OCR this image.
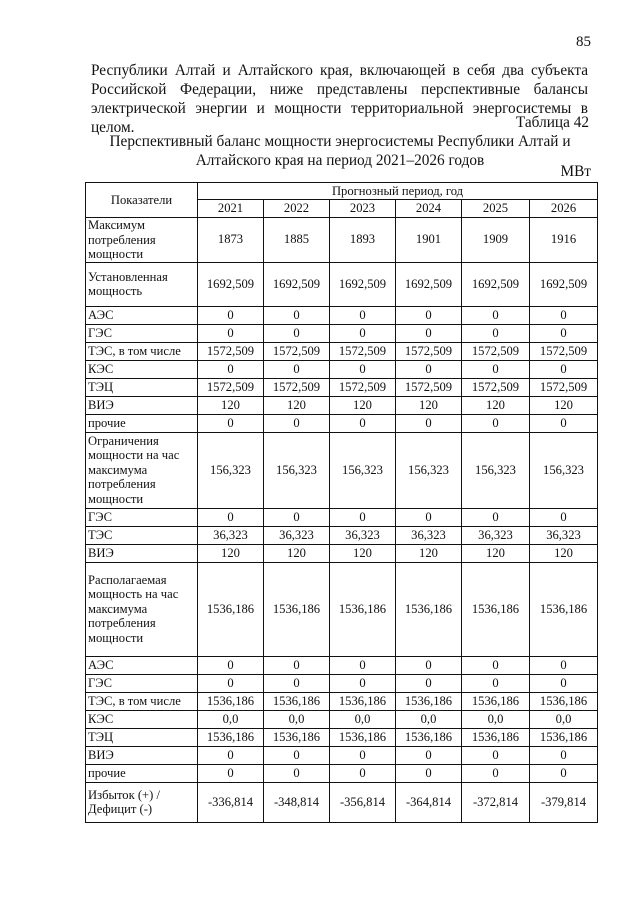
85
Республики Алтай и Алтайского края, включающей в себя два субъекта
Российской Федерации, ниже представлены перспективные балансы
электрической энергии и мощности территориальной энергосистемы в целом.	Таблица 42
Перспективный баланс мощности энергосистемы Республики Алтай и
Алтайского края на период 2021–2026 годов
МВт
Показатели	Прогнозный период, год					
	2021	2022	2023	2024	2025	2026
Максимум потребления мощности	1873	1885	1893	1901	1909	1916
Установленная мощность	1692,509	1692,509	1692,509	1692,509	1692,509	1692,509
АЭС	0	0	0	0	0	0
ГЭС	0	0	0	0	0	0
ТЭС, в том числе	1572,509	1572,509	1572,509	1572,509	1572,509	1572,509
КЭС	0	0	0	0	0	0
ТЭЦ	1572,509	1572,509	1572,509	1572,509	1572,509	1572,509
ВИЭ	120	120	120	120	120	120
прочие	0	0	0	0	0	0
Ограничения мощности на час максимума потребления мощности	156,323	156,323	156,323	156,323	156,323	156,323
ГЭС	0	0	0	0	0	0
ТЭС	36,323	36,323	36,323	36,323	36,323	36,323
ВИЭ	120	120	120	120	120	120
Располагаемая мощность на час максимума потребления мощности	1536,186	1536,186	1536,186	1536,186	1536,186	1536,186
АЭС	0	0	0	0	0	0
ГЭС	0	0	0	0	0	0
ТЭС, в том числе	1536,186	1536,186	1536,186	1536,186	1536,186	1536,186
КЭС	0,0	0,0	0,0	0,0	0,0	0,0
ТЭЦ	1536,186	1536,186	1536,186	1536,186	1536,186	1536,186
ВИЭ	0	0	0	0	0	0
прочие	0	0	0	0	0	0
Избыток (+) / Дефицит (-)	-336,814	-348,814	-356,814	-364,814	-372,814	-379,814
